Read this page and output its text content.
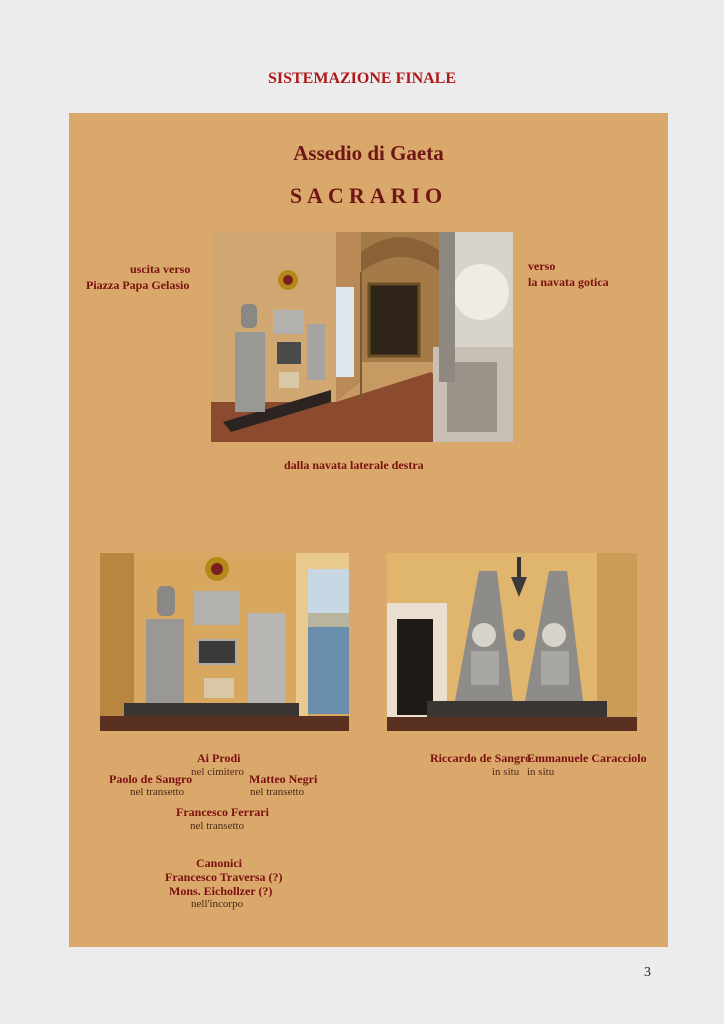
SISTEMAZIONE FINALE
Assedio di Gaeta
SACRARIO
uscita verso
Piazza Papa Gelasio
verso
la navata gotica
dalla navata laterale destra
Ai Prodi
nel cimitero
Paolo de Sangro
nel transetto
Matteo Negri
nel transetto
Francesco Ferrari
nel transetto
Canonici
Francesco Traversa (?)
Mons. Eichollzer (?)
nell'incorpo
Riccardo de Sangro
in situ
Emmanuele Caracciolo
in situ
3
